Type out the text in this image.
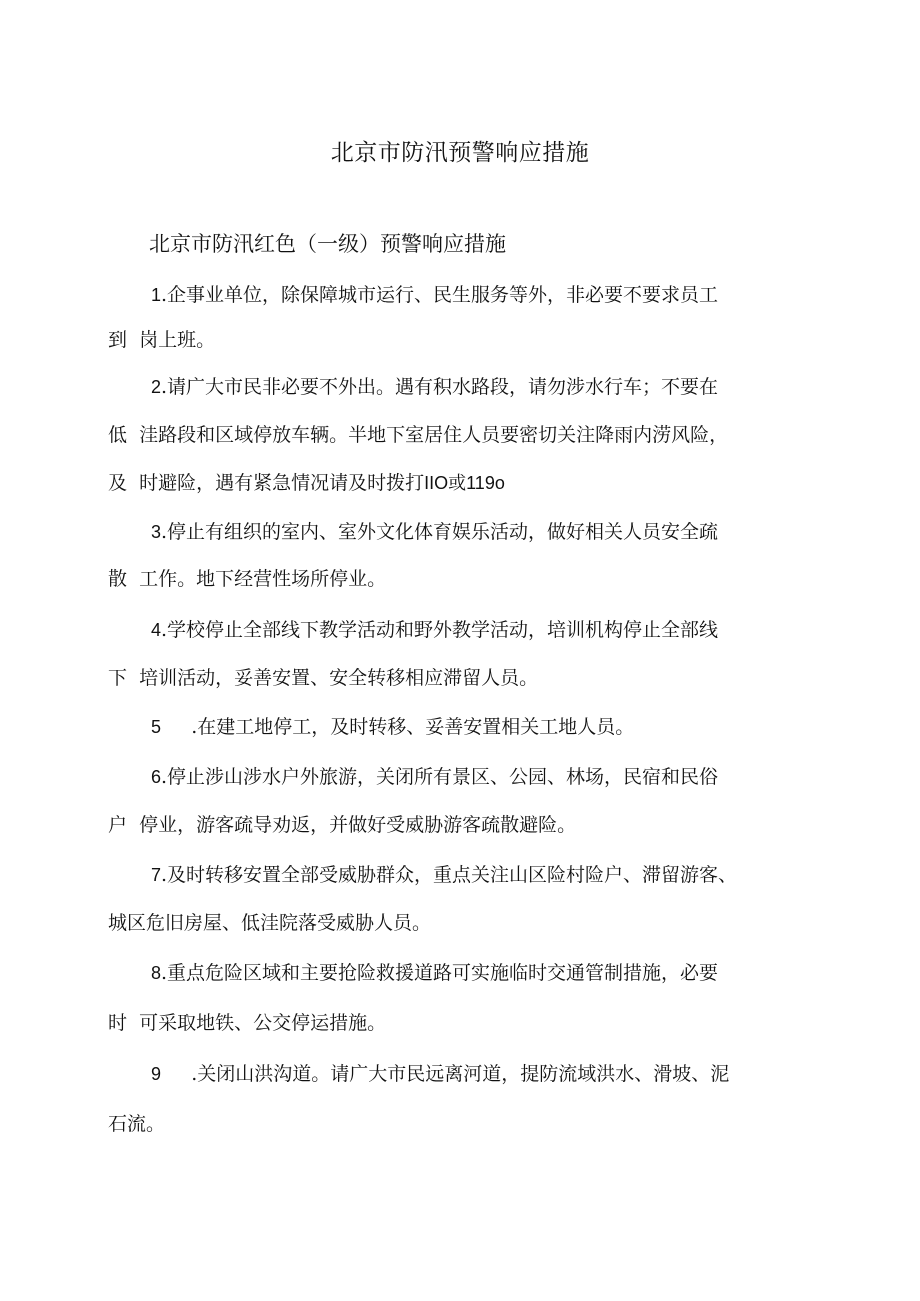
北京市防汛预警响应措施
北京市防汛红色（一级）预警响应措施
1.企事业单位，除保障城市运行、民生服务等外，非必要不要求员工
到 岗上班。
2.请广大市民非必要不外出。遇有积水路段，请勿涉水行车；不要在
低 洼路段和区域停放车辆。半地下室居住人员要密切关注降雨内涝风险，
及 时避险，遇有紧急情况请及时拨打IIO或119o
3.停止有组织的室内、室外文化体育娱乐活动，做好相关人员安全疏
散 工作。地下经营性场所停业。
4.学校停止全部线下教学活动和野外教学活动，培训机构停止全部线
下 培训活动，妥善安置、安全转移相应滞留人员。
5 .在建工地停工，及时转移、妥善安置相关工地人员。
6.停止涉山涉水户外旅游，关闭所有景区、公园、林场，民宿和民俗
户 停业，游客疏导劝返，并做好受威胁游客疏散避险。
7.及时转移安置全部受威胁群众，重点关注山区险村险户、滞留游客、
城区危旧房屋、低洼院落受威胁人员。
8.重点危险区域和主要抢险救援道路可实施临时交通管制措施，必要
时 可采取地铁、公交停运措施。
9 .关闭山洪沟道。请广大市民远离河道，提防流域洪水、滑坡、泥
石流。
